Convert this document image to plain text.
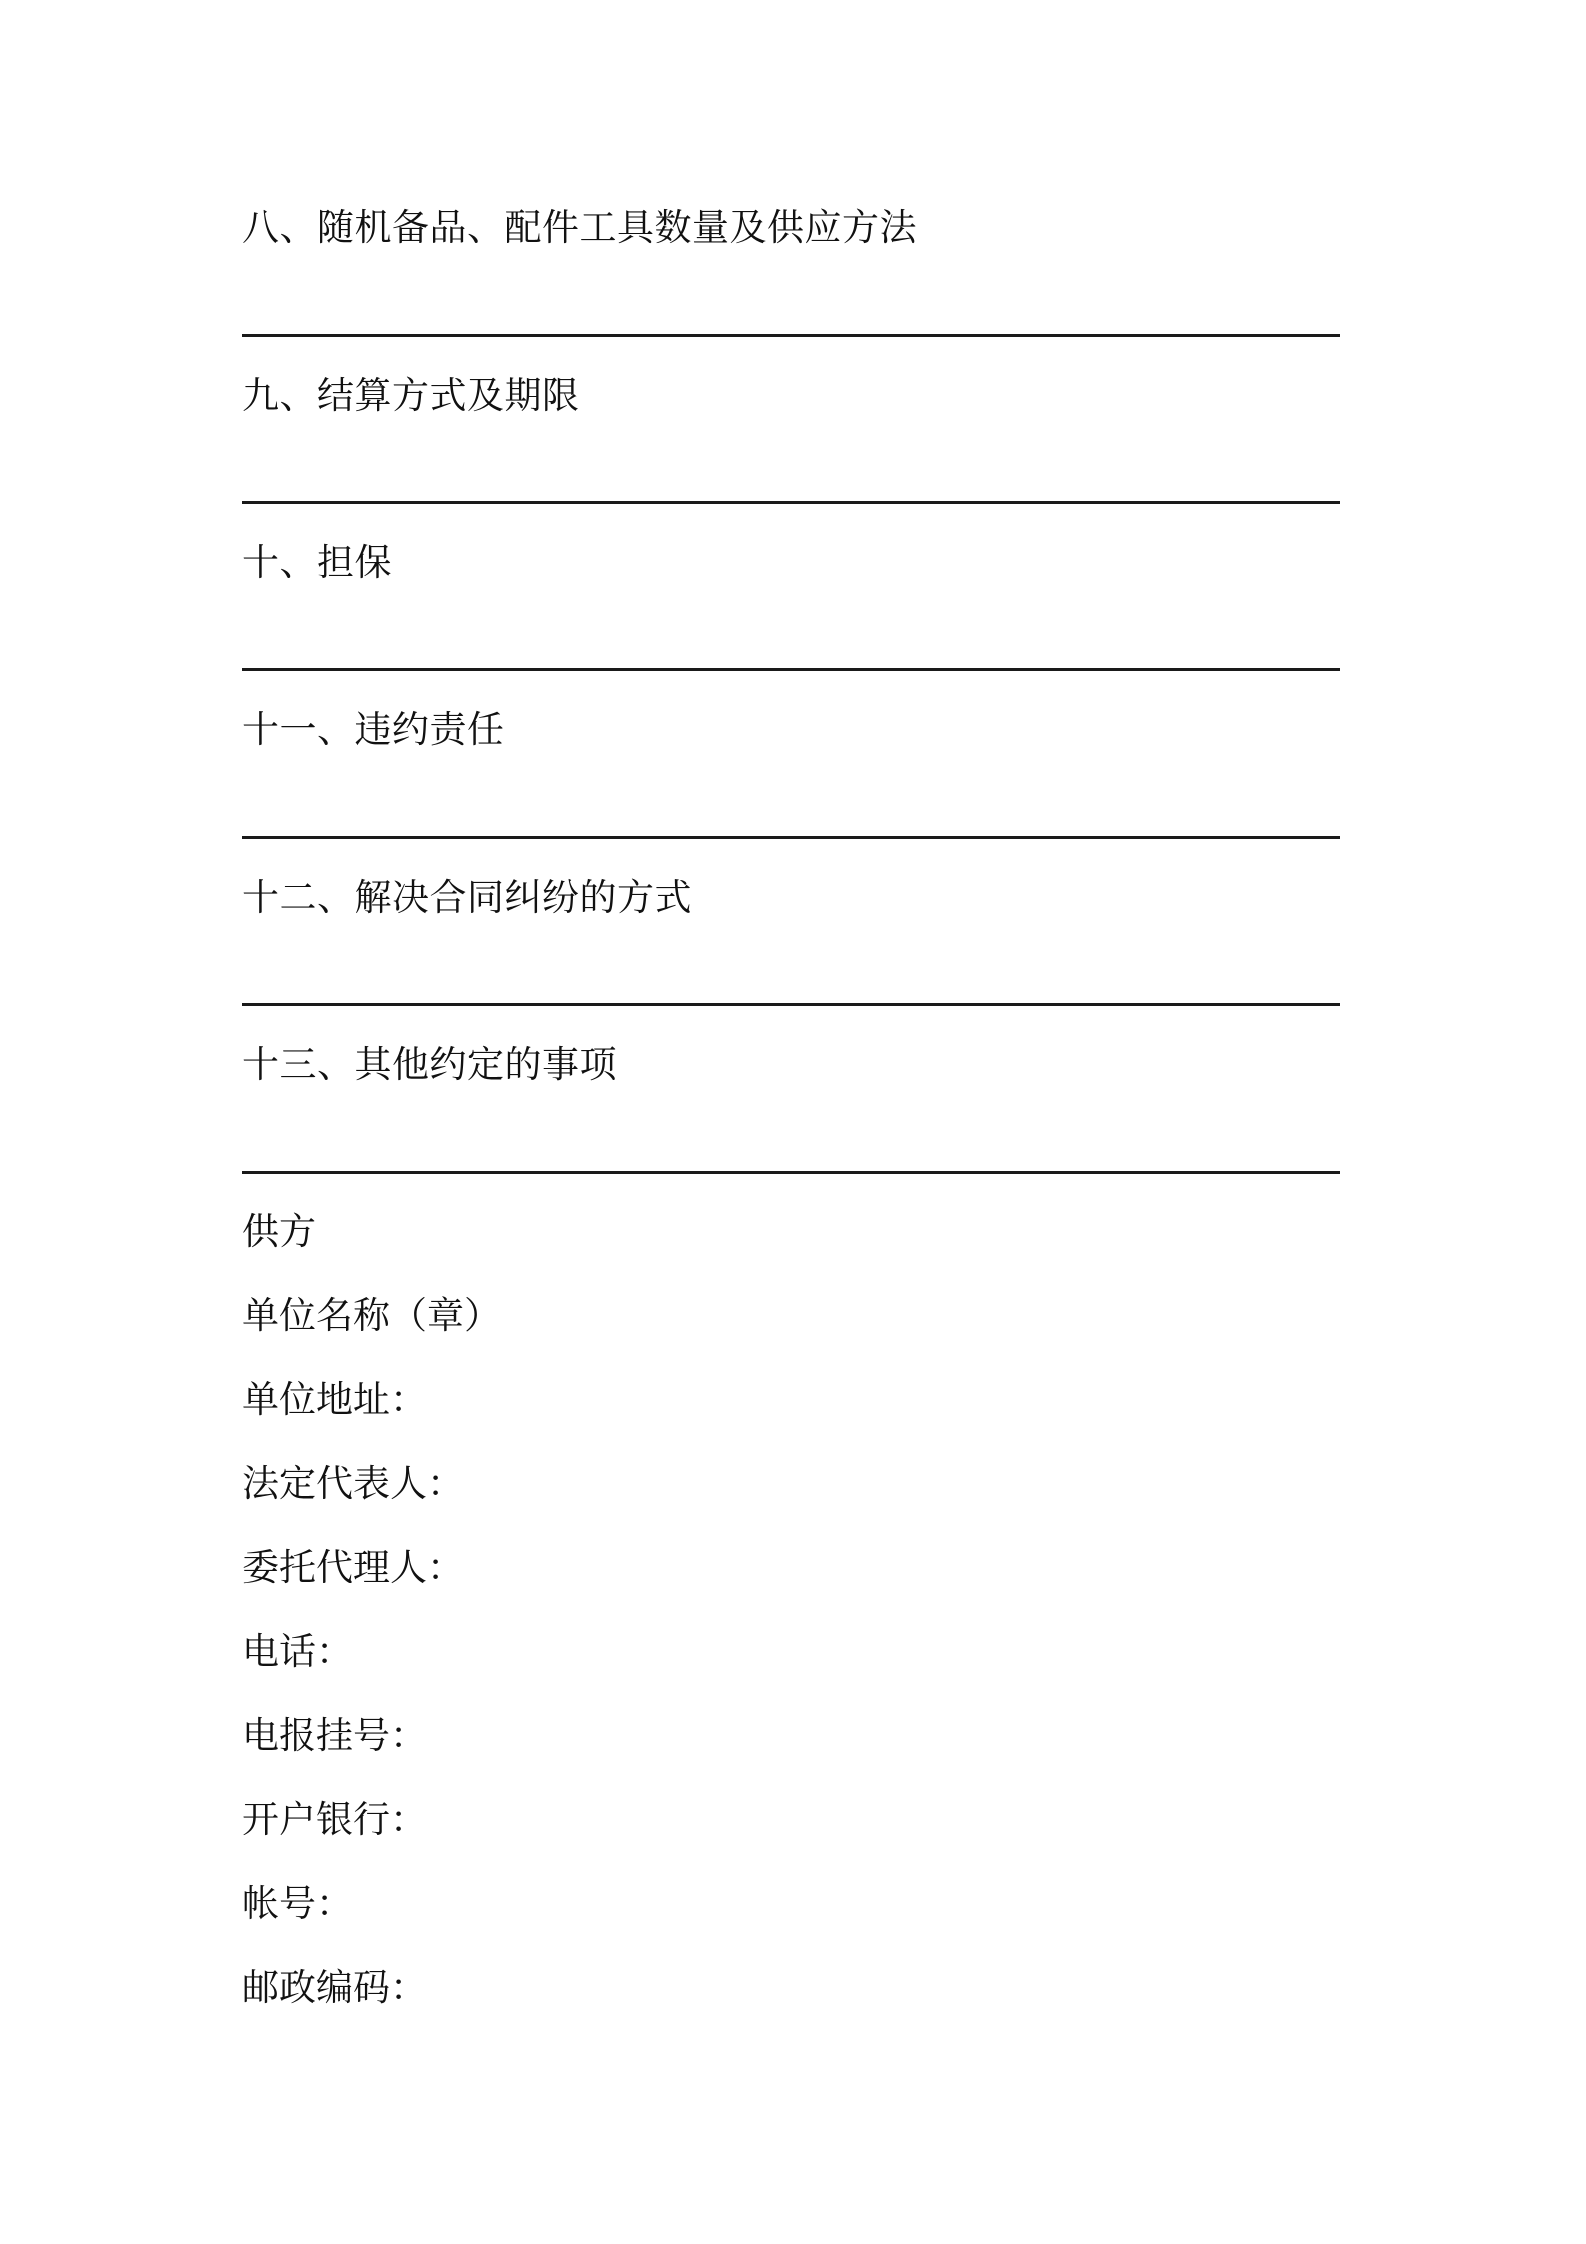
八、随机备品、配件工具数量及供应方法
九、结算方式及期限
十、担保
十一、违约责任
十二、解决合同纠纷的方式
十三、其他约定的事项
供方
单位名称（章）
单位地址：
法定代表人：
委托代理人：
电话：
电报挂号：
开户银行：
帐号：
邮政编码：
